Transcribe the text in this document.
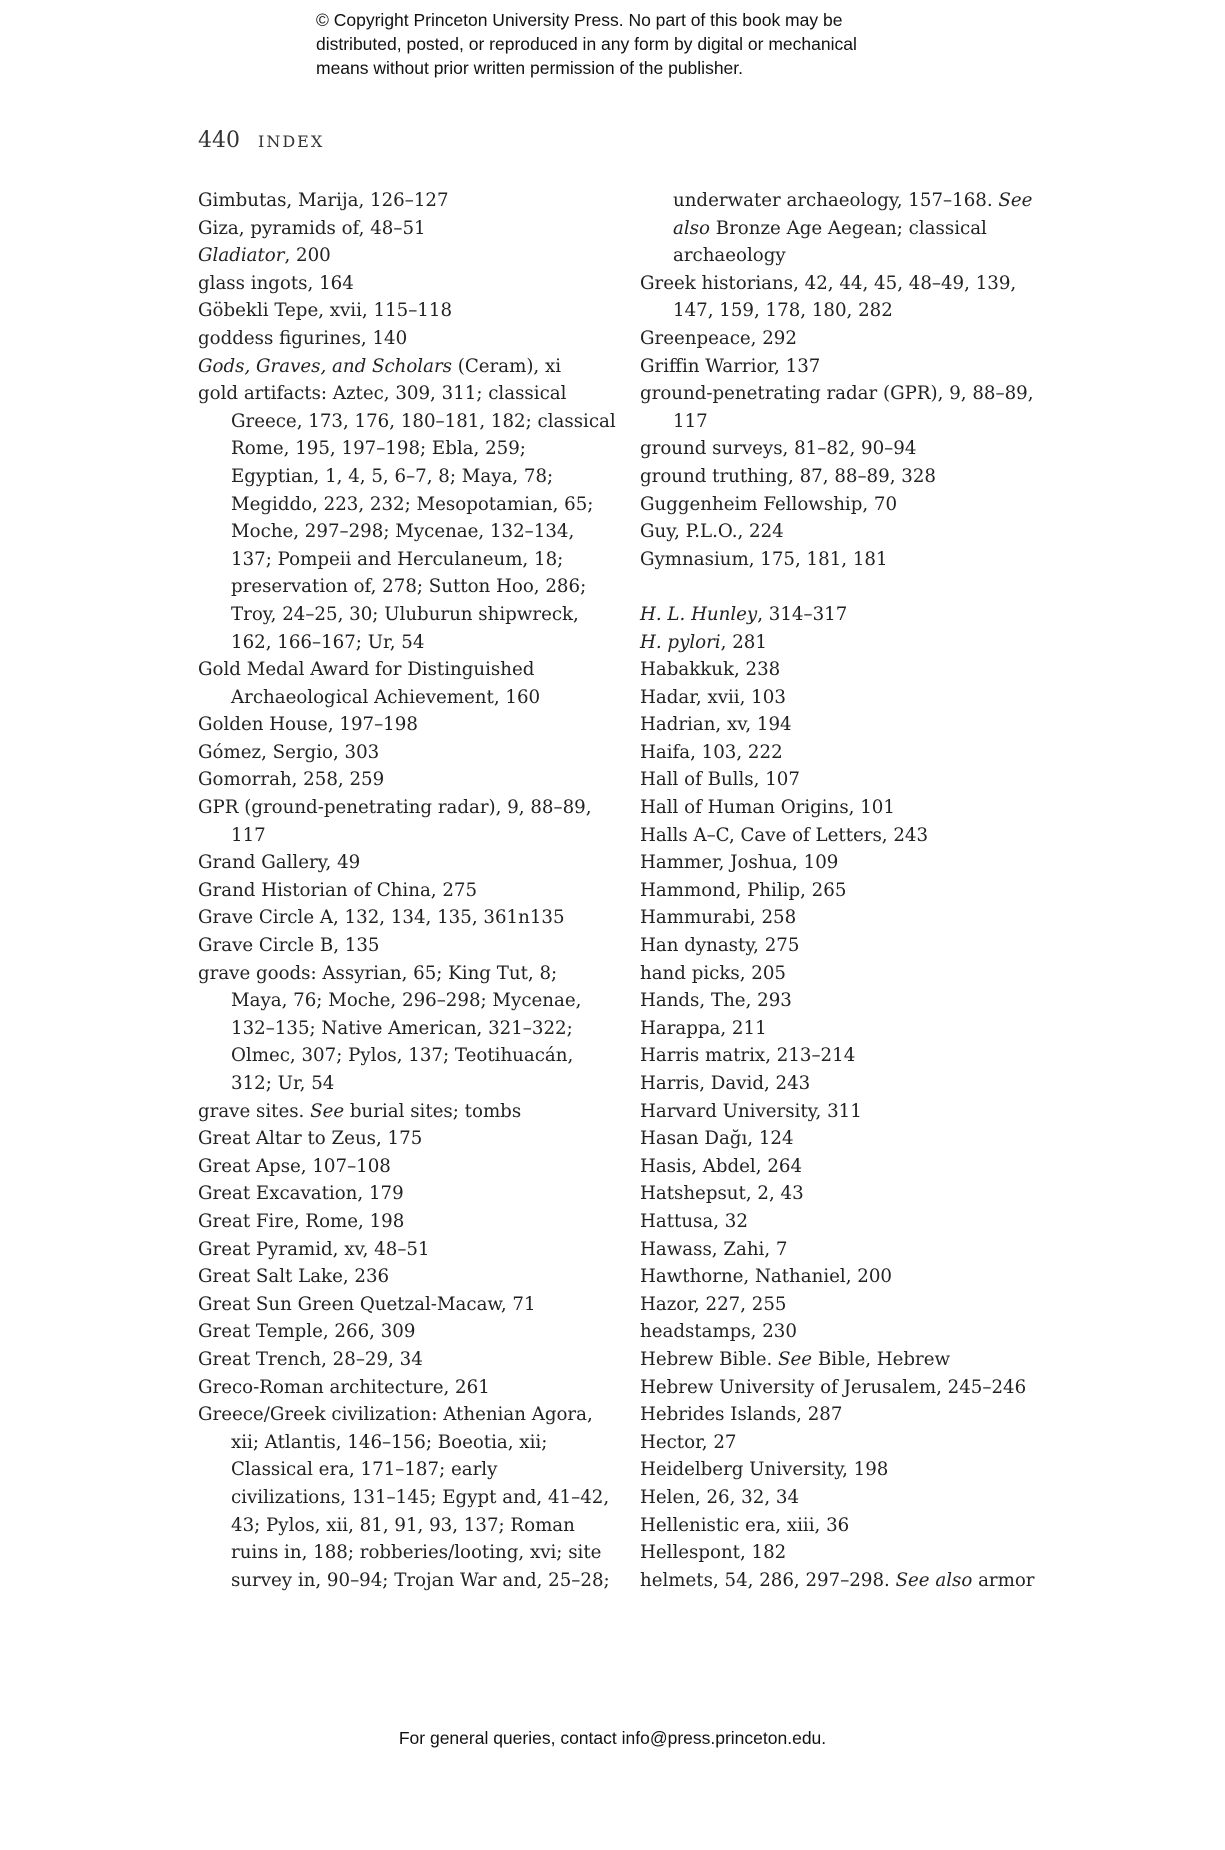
© Copyright Princeton University Press. No part of this book may be
distributed, posted, or reproduced in any form by digital or mechanical
means without prior written permission of the publisher.
440 INDEX
Gimbutas, Marija, 126–127
Giza, pyramids of, 48–51
Gladiator, 200
glass ingots, 164
Göbekli Tepe, xvii, 115–118
goddess figurines, 140
Gods, Graves, and Scholars (Ceram), xi
gold artifacts: Aztec, 309, 311; classical Greece, 173, 176, 180–181, 182; classical Rome, 195, 197–198; Ebla, 259; Egyptian, 1, 4, 5, 6–7, 8; Maya, 78; Megiddo, 223, 232; Mesopotamian, 65; Moche, 297–298; Mycenae, 132–134, 137; Pompeii and Herculaneum, 18; preservation of, 278; Sutton Hoo, 286; Troy, 24–25, 30; Uluburun shipwreck, 162, 166–167; Ur, 54
Gold Medal Award for Distinguished Archaeological Achievement, 160
Golden House, 197–198
Gómez, Sergio, 303
Gomorrah, 258, 259
GPR (ground-penetrating radar), 9, 88–89, 117
Grand Gallery, 49
Grand Historian of China, 275
Grave Circle A, 132, 134, 135, 361n135
Grave Circle B, 135
grave goods: Assyrian, 65; King Tut, 8; Maya, 76; Moche, 296–298; Mycenae, 132–135; Native American, 321–322; Olmec, 307; Pylos, 137; Teotihuacán, 312; Ur, 54
grave sites. See burial sites; tombs
Great Altar to Zeus, 175
Great Apse, 107–108
Great Excavation, 179
Great Fire, Rome, 198
Great Pyramid, xv, 48–51
Great Salt Lake, 236
Great Sun Green Quetzal-Macaw, 71
Great Temple, 266, 309
Great Trench, 28–29, 34
Greco-Roman architecture, 261
Greece/Greek civilization: Athenian Agora, xii; Atlantis, 146–156; Boeotia, xii; Classical era, 171–187; early civilizations, 131–145; Egypt and, 41–42, 43; Pylos, xii, 81, 91, 93, 137; Roman ruins in, 188; robberies/looting, xvi; site survey in, 90–94; Trojan War and, 25–28;
underwater archaeology, 157–168. See also Bronze Age Aegean; classical archaeology
Greek historians, 42, 44, 45, 48–49, 139, 147, 159, 178, 180, 282
Greenpeace, 292
Griffin Warrior, 137
ground-penetrating radar (GPR), 9, 88–89, 117
ground surveys, 81–82, 90–94
ground truthing, 87, 88–89, 328
Guggenheim Fellowship, 70
Guy, P.L.O., 224
Gymnasium, 175, 181, 181
H. L. Hunley, 314–317
H. pylori, 281
Habakkuk, 238
Hadar, xvii, 103
Hadrian, xv, 194
Haifa, 103, 222
Hall of Bulls, 107
Hall of Human Origins, 101
Halls A–C, Cave of Letters, 243
Hammer, Joshua, 109
Hammond, Philip, 265
Hammurabi, 258
Han dynasty, 275
hand picks, 205
Hands, The, 293
Harappa, 211
Harris matrix, 213–214
Harris, David, 243
Harvard University, 311
Hasan Dağı, 124
Hasis, Abdel, 264
Hatshepsut, 2, 43
Hattusa, 32
Hawass, Zahi, 7
Hawthorne, Nathaniel, 200
Hazor, 227, 255
headstamps, 230
Hebrew Bible. See Bible, Hebrew
Hebrew University of Jerusalem, 245–246
Hebrides Islands, 287
Hector, 27
Heidelberg University, 198
Helen, 26, 32, 34
Hellenistic era, xiii, 36
Hellespont, 182
helmets, 54, 286, 297–298. See also armor
For general queries, contact info@press.princeton.edu.
